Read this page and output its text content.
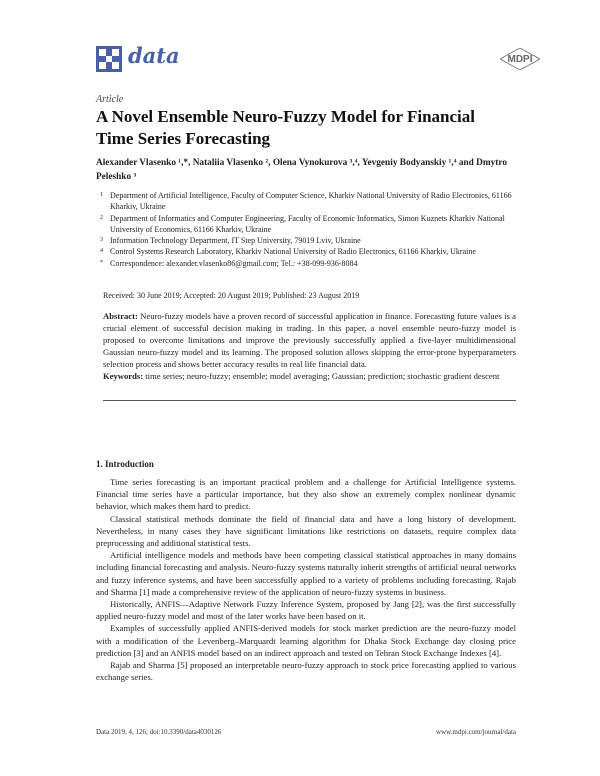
data	MDPI
Article
A Novel Ensemble Neuro-Fuzzy Model for Financial Time Series Forecasting
Alexander Vlasenko ¹,*, Nataliia Vlasenko ², Olena Vynokurova ³,⁴, Yevgeniy Bodyanskiy ¹,⁴ and Dmytro Peleshko ³
1 Department of Artificial Intelligence, Faculty of Computer Science, Kharkiv National University of Radio Electronics, 61166 Kharkiv, Ukraine
2 Department of Informatics and Computer Engineering, Faculty of Economic Informatics, Simon Kuznets Kharkiv National University of Economics, 61166 Kharkiv, Ukraine
3 Information Technology Department, IT Step University, 79019 Lviv, Ukraine
4 Control Systems Research Laboratory, Kharkiv National University of Radio Electronics, 61166 Kharkiv, Ukraine
* Correspondence: alexander.vlasenko86@gmail.com; Tel.: +38-099-936-8084
Received: 30 June 2019; Accepted: 20 August 2019; Published: 23 August 2019
Abstract: Neuro-fuzzy models have a proven record of successful application in finance. Forecasting future values is a crucial element of successful decision making in trading. In this paper, a novel ensemble neuro-fuzzy model is proposed to overcome limitations and improve the previously successfully applied a five-layer multidimensional Gaussian neuro-fuzzy model and its learning. The proposed solution allows skipping the error-prone hyperparameters selection process and shows better accuracy results in real life financial data.
Keywords: time series; neuro-fuzzy; ensemble; model averaging; Gaussian; prediction; stochastic gradient descent
1. Introduction

Time series forecasting is an important practical problem and a challenge for Artificial Intelligence systems. Financial time series have a particular importance, but they also show an extremely complex nonlinear dynamic behavior, which makes them hard to predict.

Classical statistical methods dominate the field of financial data and have a long history of development. Nevertheless, in many cases they have significant limitations like restrictions on datasets, require complex data preprocessing and additional statistical tests.

Artificial intelligence models and methods have been competing classical statistical approaches in many domains including financial forecasting and analysis. Neuro-fuzzy systems naturally inherit strengths of artificial neural networks and fuzzy inference systems, and have been successfully applied to a variety of problems including forecasting. Rajab and Sharma [1] made a comprehensive review of the application of neuro-fuzzy systems in business.

Historically, ANFIS—Adaptive Network Fuzzy Inference System, proposed by Jang [2], was the first successfully applied neuro-fuzzy model and most of the later works have been based on it.

Examples of successfully applied ANFIS-derived models for stock market prediction are the neuro-fuzzy model with a modification of the Levenberg–Marquardt learning algorithm for Dhaka Stock Exchange day closing price prediction [3] and an ANFIS model based on an indirect approach and tested on Tehran Stock Exchange Indexes [4].

Rajab and Sharma [5] proposed an interpretable neuro-fuzzy approach to stock price forecasting applied to various exchange series.

Data 2019, 4, 126; doi:10.3390/data4030126	www.mdpi.com/journal/data
